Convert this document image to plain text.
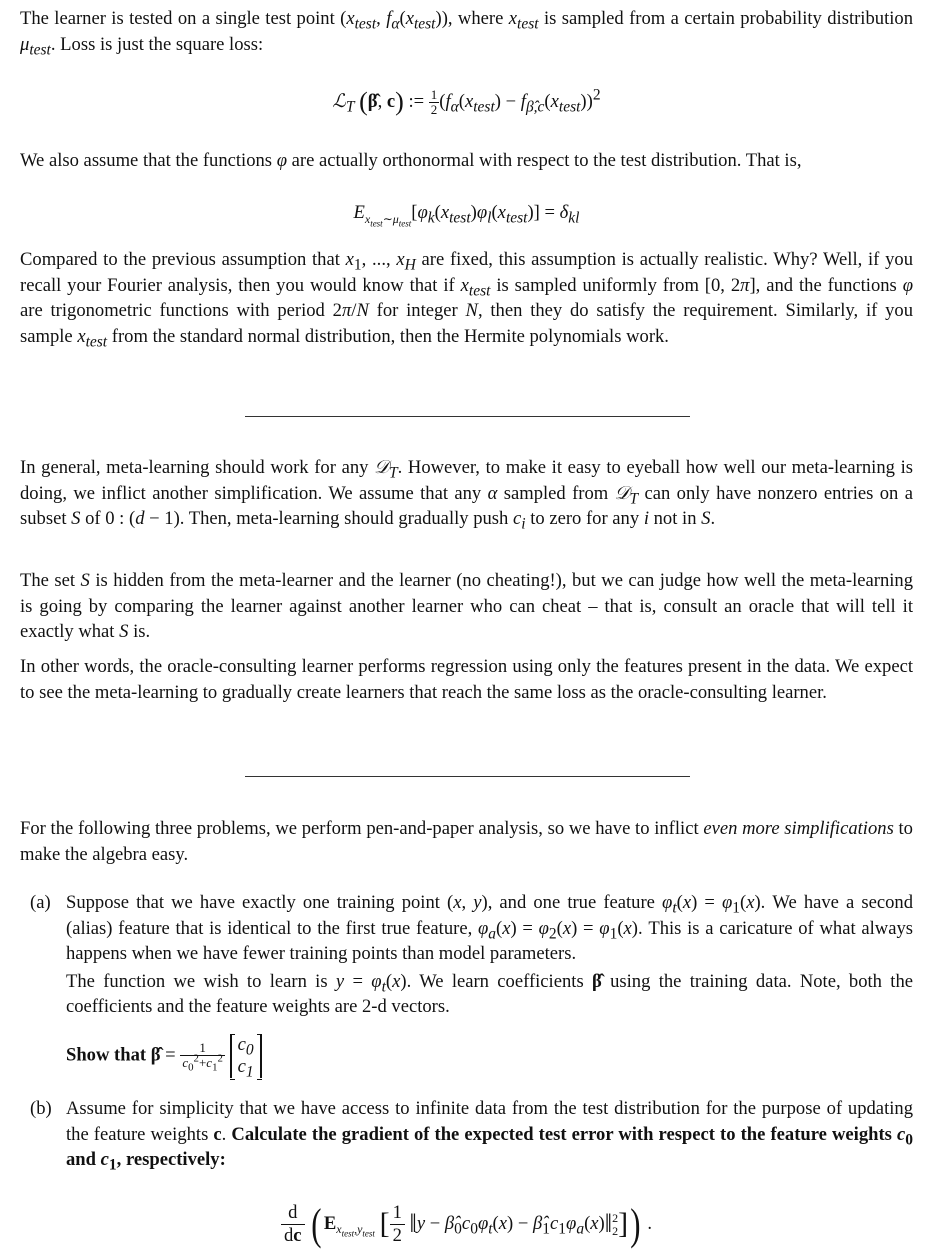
The learner is tested on a single test point ($x_{test}$, $f_\alpha(x_{test})$), where $x_{test}$ is sampled from a certain probability distribution $\mu_{test}$. Loss is just the square loss:

ℒ$_T$ (β̂, c) := $\frac{1}{2} (f_\alpha(x_{test}) - f_{\betâ,c}(x_{test}))^2$

We also assume that the functions φ are actually orthonormal with respect to the test distribution. That is,

$E_{x_{test}\sim\mu_{test}}[\varphi_k(x_{test})\varphi_l(x_{test})] = \delta_{kl}$

Compared to the previous assumption that $x_1$, ..., $x_H$ are fixed, this assumption is actually realistic. Why? Well, if you recall your Fourier analysis, then you would know that if $x_{test}$ is sampled uniformly from [0, 2π], and the functions φ are trigonometric functions with period 2π/N for integer N, then they do satisfy the requirement. Similarly, if you sample $x_{test}$ from the standard normal distribution, then the Hermite polynomials work.

In general, meta-learning should work for any 𝒟$_T$. However, to make it easy to eyeball how well our meta-learning is doing, we inflict another simplification. We assume that any α sampled from 𝒟$_T$ can only have nonzero entries on a subset S of 0 : (d − 1). Then, meta-learning should gradually push $c_i$ to zero for any i not in S.

The set S is hidden from the meta-learner and the learner (no cheating!), but we can judge how well the meta-learning is going by comparing the learner against another learner who can cheat – that is, consult an oracle that will tell it exactly what S is.

In other words, the oracle-consulting learner performs regression using only the features present in the data. We expect to see the meta-learning to gradually create learners that reach the same loss as the oracle-consulting learner.

For the following three problems, we perform pen-and-paper analysis, so we have to inflict even more simplifications to make the algebra easy.

(a) Suppose that we have exactly one training point (x, y), and one true feature $\varphi_t(x) = \varphi_1(x)$. We have a second (alias) feature that is identical to the first true feature, $\varphi_a(x) = \varphi_2(x) = \varphi_1(x)$. This is a caricature of what always happens when we have fewer training points than model parameters.

The function we wish to learn is $y = \varphi_t(x)$. We learn coefficients β̂ using the training data. Note, both the coefficients and the feature weights are 2-d vectors.

Show that β̂ = $\frac{1}{c_0^2+c_1^2} c_0$
$c_1$

(b) Assume for simplicity that we have access to infinite data from the test distribution for the purpose of updating the feature weights c. Calculate the gradient of the expected test error with respect to the feature weights $c_0$ and $c_1$, respectively:

$\frac{d}{dc}$ ( $E_{x_{test},y_{test}}$ [ $\frac{1}{2}$ ‖y − $\betâ_0c_0\varphi_t(x)$ − $\betâ_1c_1\varphi_a(x)‖2$
2]) .
